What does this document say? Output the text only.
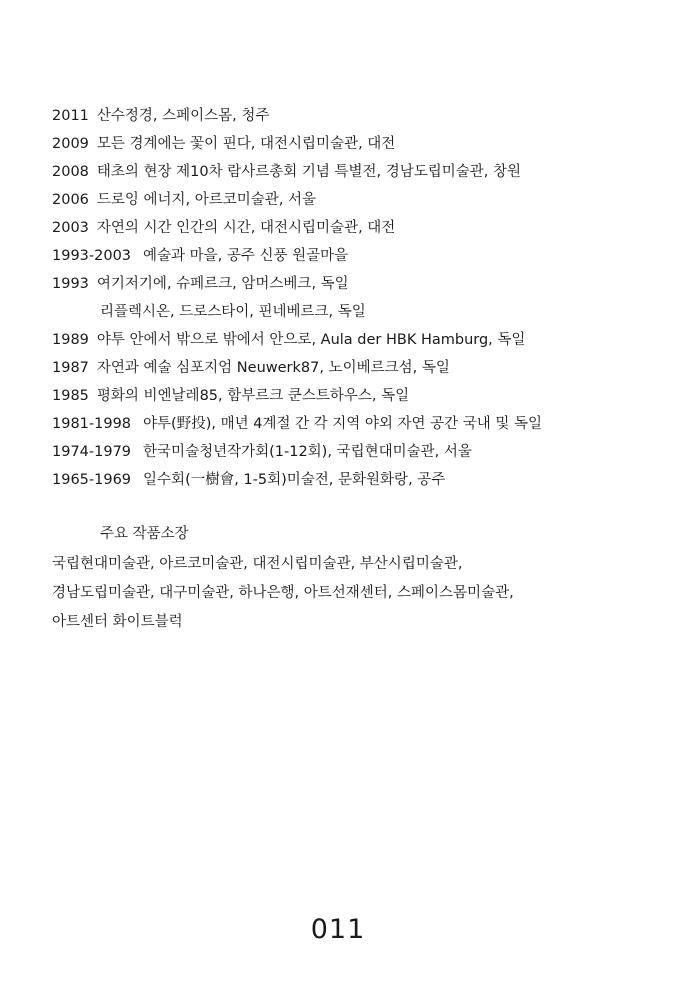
2011 산수정경, 스페이스몸, 청주
2009 모든 경계에는 꽃이 핀다, 대전시립미술관, 대전
2008 태초의 현장 제10차 람사르총회 기념 특별전, 경남도립미술관, 창원
2006 드로잉 에너지, 아르코미술관, 서울
2003 자연의 시간 인간의 시간, 대전시립미술관, 대전
1993-2003 예술과 마을, 공주 신풍 원골마을
1993 여기저기에, 슈페르크, 암머스베크, 독일
리플렉시온, 드로스타이, 핀네베르크, 독일
1989 야투 안에서 밖으로 밖에서 안으로, Aula der HBK Hamburg, 독일
1987 자연과 예술 심포지엄 Neuwerk87, 노이베르크섬, 독일
1985 평화의 비엔날레85, 함부르크 쿤스트하우스, 독일
1981-1998 야투(野投), 매년 4계절 간 각 지역 야외 자연 공간 국내 및 독일
1974-1979 한국미술청년작가회(1-12회), 국립현대미술관, 서울
1965-1969 일수회(一樹會, 1-5회)미술전, 문화원화랑, 공주
주요 작품소장
국립현대미술관, 아르코미술관, 대전시립미술관, 부산시립미술관,
경남도립미술관, 대구미술관, 하나은행, 아트선재센터, 스페이스몸미술관,
아트센터 화이트블럭
011
